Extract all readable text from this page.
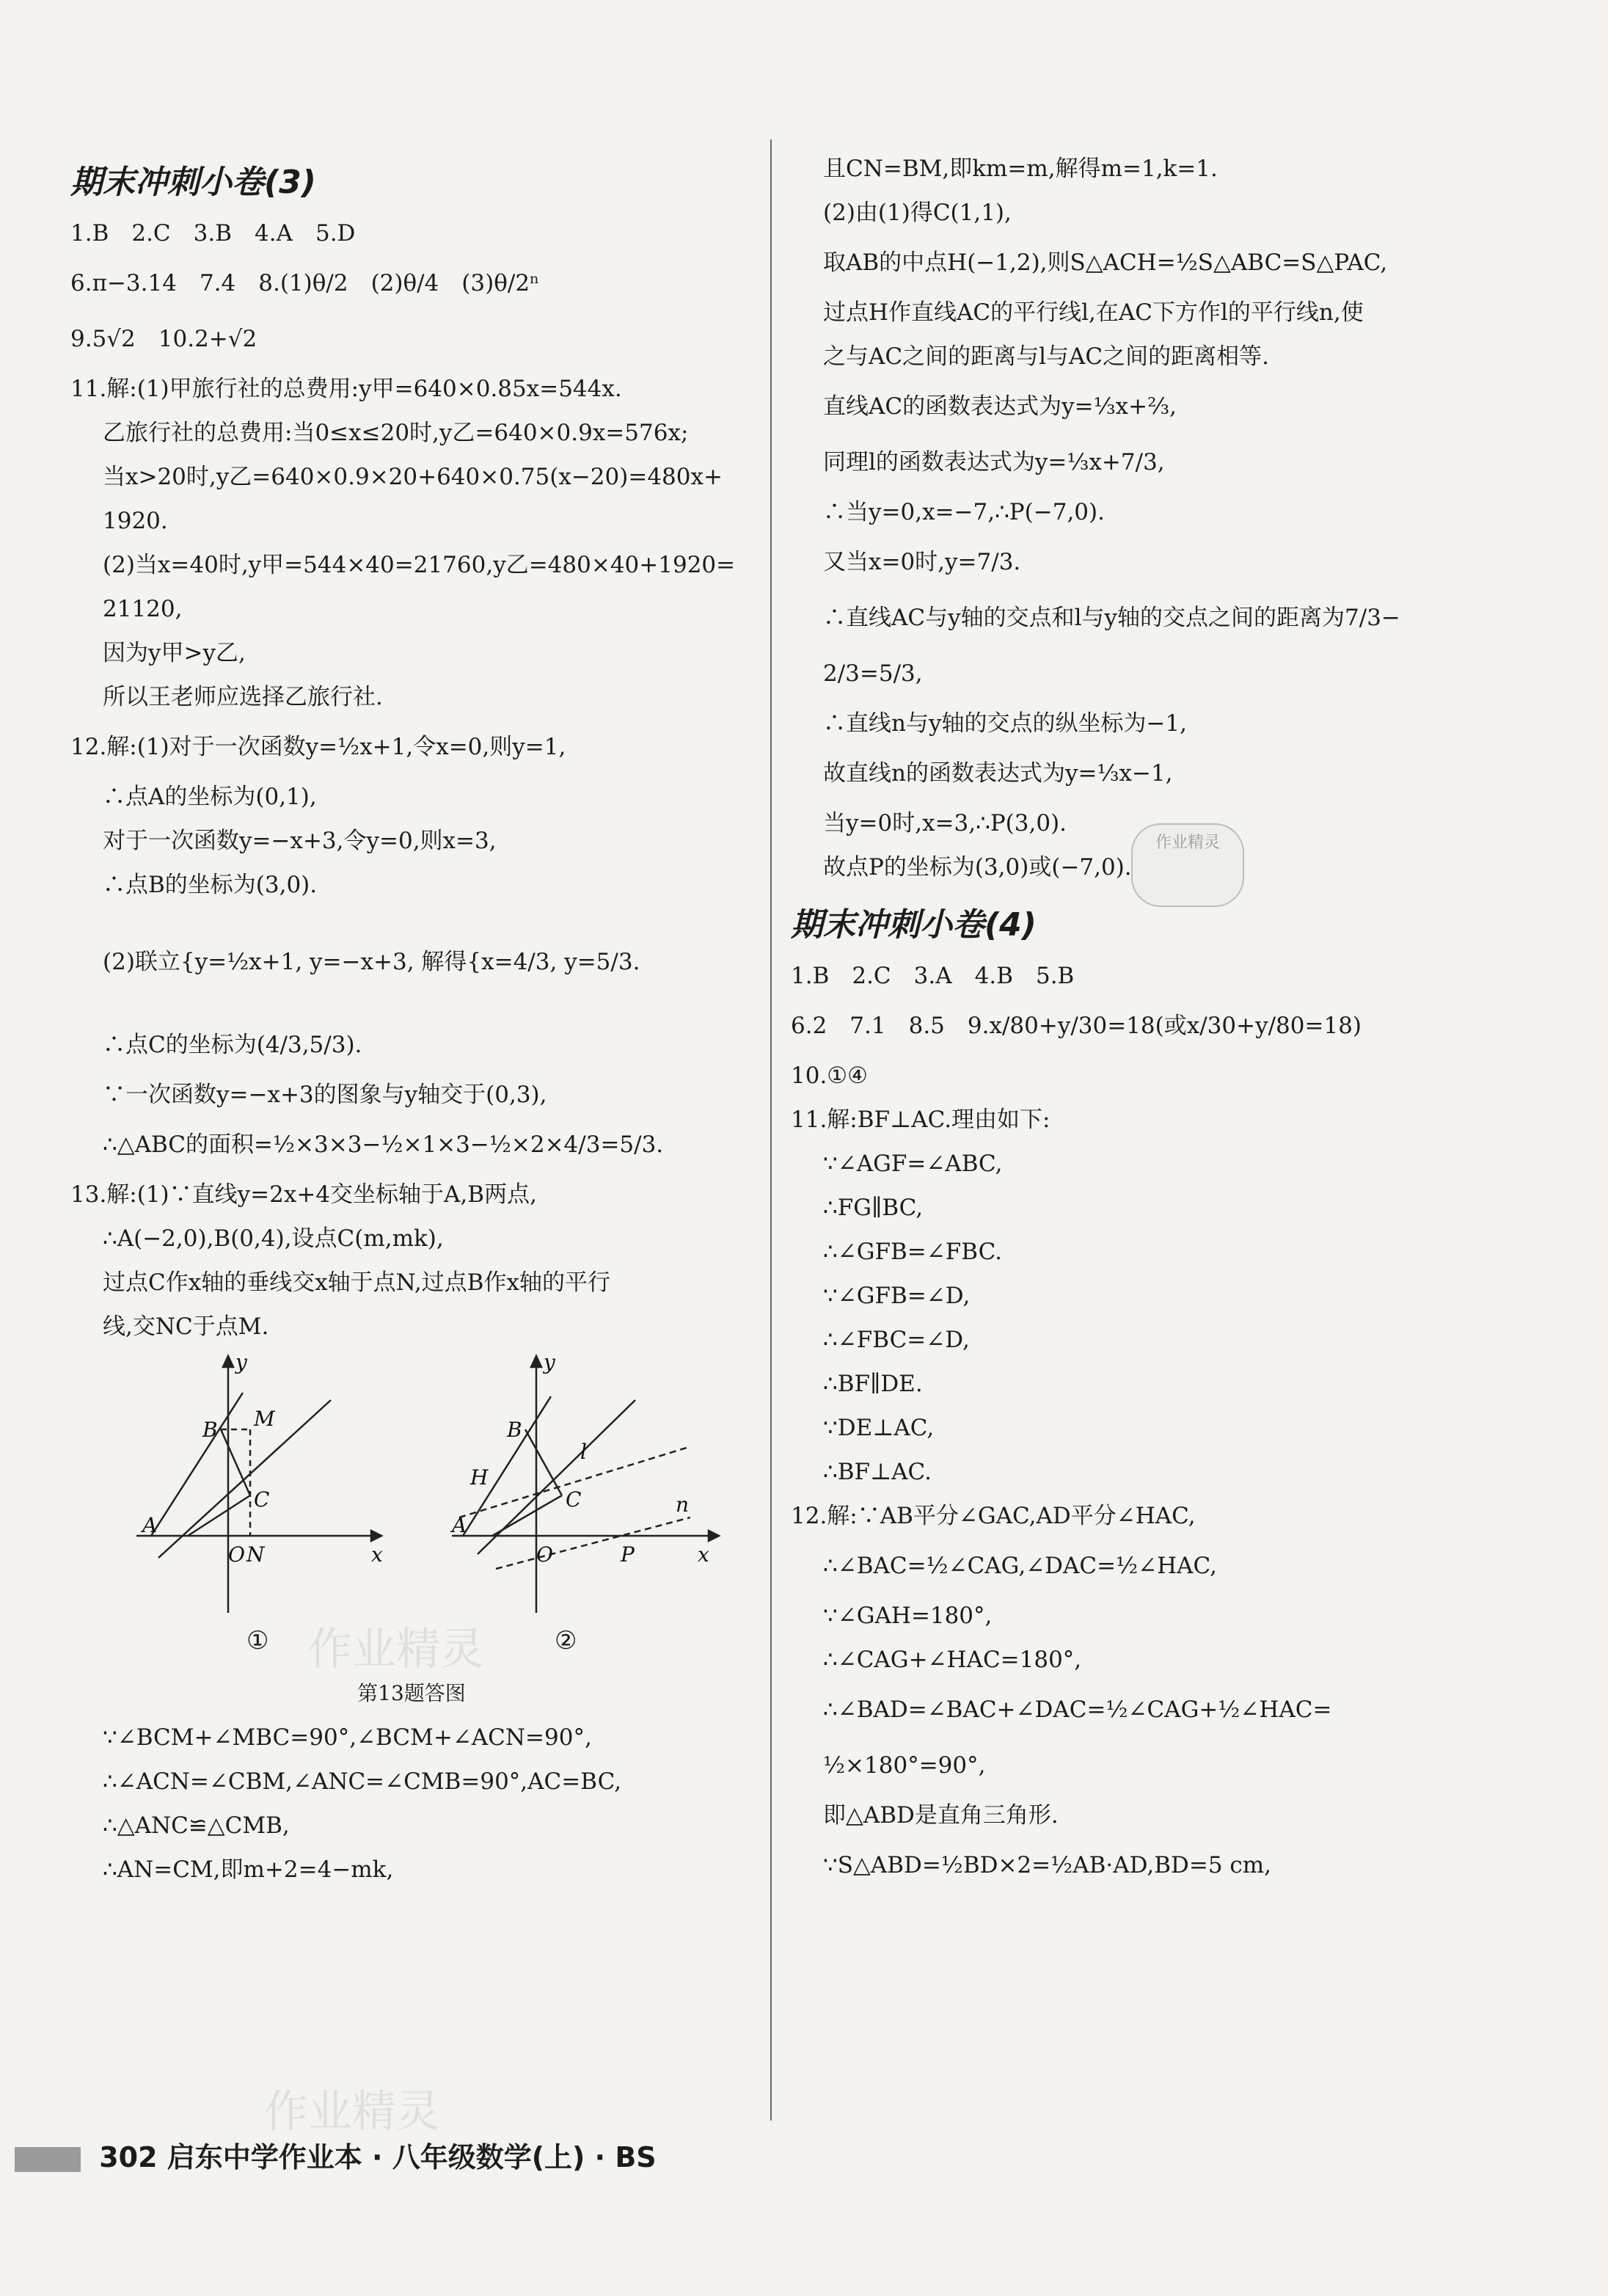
作业精灵
作业精灵
期末冲刺小卷(3)
1.B　2.C　3.B　4.A　5.D
6.π−3.14　7.4　8.(1)θ/2　(2)θ/4　(3)θ/2ⁿ
9.5√2　10.2+√2
11.解:(1)甲旅行社的总费用:y甲=640×0.85x=544x.
乙旅行社的总费用:当0≤x≤20时,y乙=640×0.9x=576x;
当x>20时,y乙=640×0.9×20+640×0.75(x−20)=480x+
1920.
(2)当x=40时,y甲=544×40=21760,y乙=480×40+1920=
21120,
因为y甲>y乙,
所以王老师应选择乙旅行社.
12.解:(1)对于一次函数y=½x+1,令x=0,则y=1,
∴点A的坐标为(0,1),
对于一次函数y=−x+3,令y=0,则x=3,
∴点B的坐标为(3,0).
(2)联立{y=½x+1, y=−x+3, 解得{x=4/3, y=5/3.
∴点C的坐标为(4/3,5/3).
∵一次函数y=−x+3的图象与y轴交于(0,3),
∴△ABC的面积=½×3×3−½×1×3−½×2×4/3=5/3.
13.解:(1)∵直线y=2x+4交坐标轴于A,B两点,
∴A(−2,0),B(0,4),设点C(m,mk),
过点C作x轴的垂线交x轴于点N,过点B作x轴的平行
线,交NC于点M.
y
B M
C
A
O N	x
y
B
l
H
C
A
n
O	P	x
①	②
第13题答图
∵∠BCM+∠MBC=90°,∠BCM+∠ACN=90°,
∴∠ACN=∠CBM,∠ANC=∠CMB=90°,AC=BC,
∴△ANC≌△CMB,
∴AN=CM,即m+2=4−mk,
且CN=BM,即km=m,解得m=1,k=1.
(2)由(1)得C(1,1),
取AB的中点H(−1,2),则S△ACH=½S△ABC=S△PAC,
过点H作直线AC的平行线l,在AC下方作l的平行线n,使
之与AC之间的距离与l与AC之间的距离相等.
直线AC的函数表达式为y=⅓x+⅔,
同理l的函数表达式为y=⅓x+7/3,
∴当y=0,x=−7,∴P(−7,0).
又当x=0时,y=7/3.
∴直线AC与y轴的交点和l与y轴的交点之间的距离为7/3−
2/3=5/3,
∴直线n与y轴的交点的纵坐标为−1,
故直线n的函数表达式为y=⅓x−1,
当y=0时,x=3,∴P(3,0).
故点P的坐标为(3,0)或(−7,0).
期末冲刺小卷(4)
1.B　2.C　3.A　4.B　5.B
6.2　7.1　8.5　9.x/80+y/30=18(或x/30+y/80=18)
10.①④
11.解:BF⊥AC.理由如下:
∵∠AGF=∠ABC,
∴FG∥BC,
∴∠GFB=∠FBC.
∵∠GFB=∠D,
∴∠FBC=∠D,
∴BF∥DE.
∵DE⊥AC,
∴BF⊥AC.
12.解:∵AB平分∠GAC,AD平分∠HAC,
∴∠BAC=½∠CAG,∠DAC=½∠HAC,
∵∠GAH=180°,
∴∠CAG+∠HAC=180°,
∴∠BAD=∠BAC+∠DAC=½∠CAG+½∠HAC=
½×180°=90°,
即△ABD是直角三角形.
∵S△ABD=½BD×2=½AB·AD,BD=5 cm,
作业精灵
302 启东中学作业本 · 八年级数学(上) · BS
